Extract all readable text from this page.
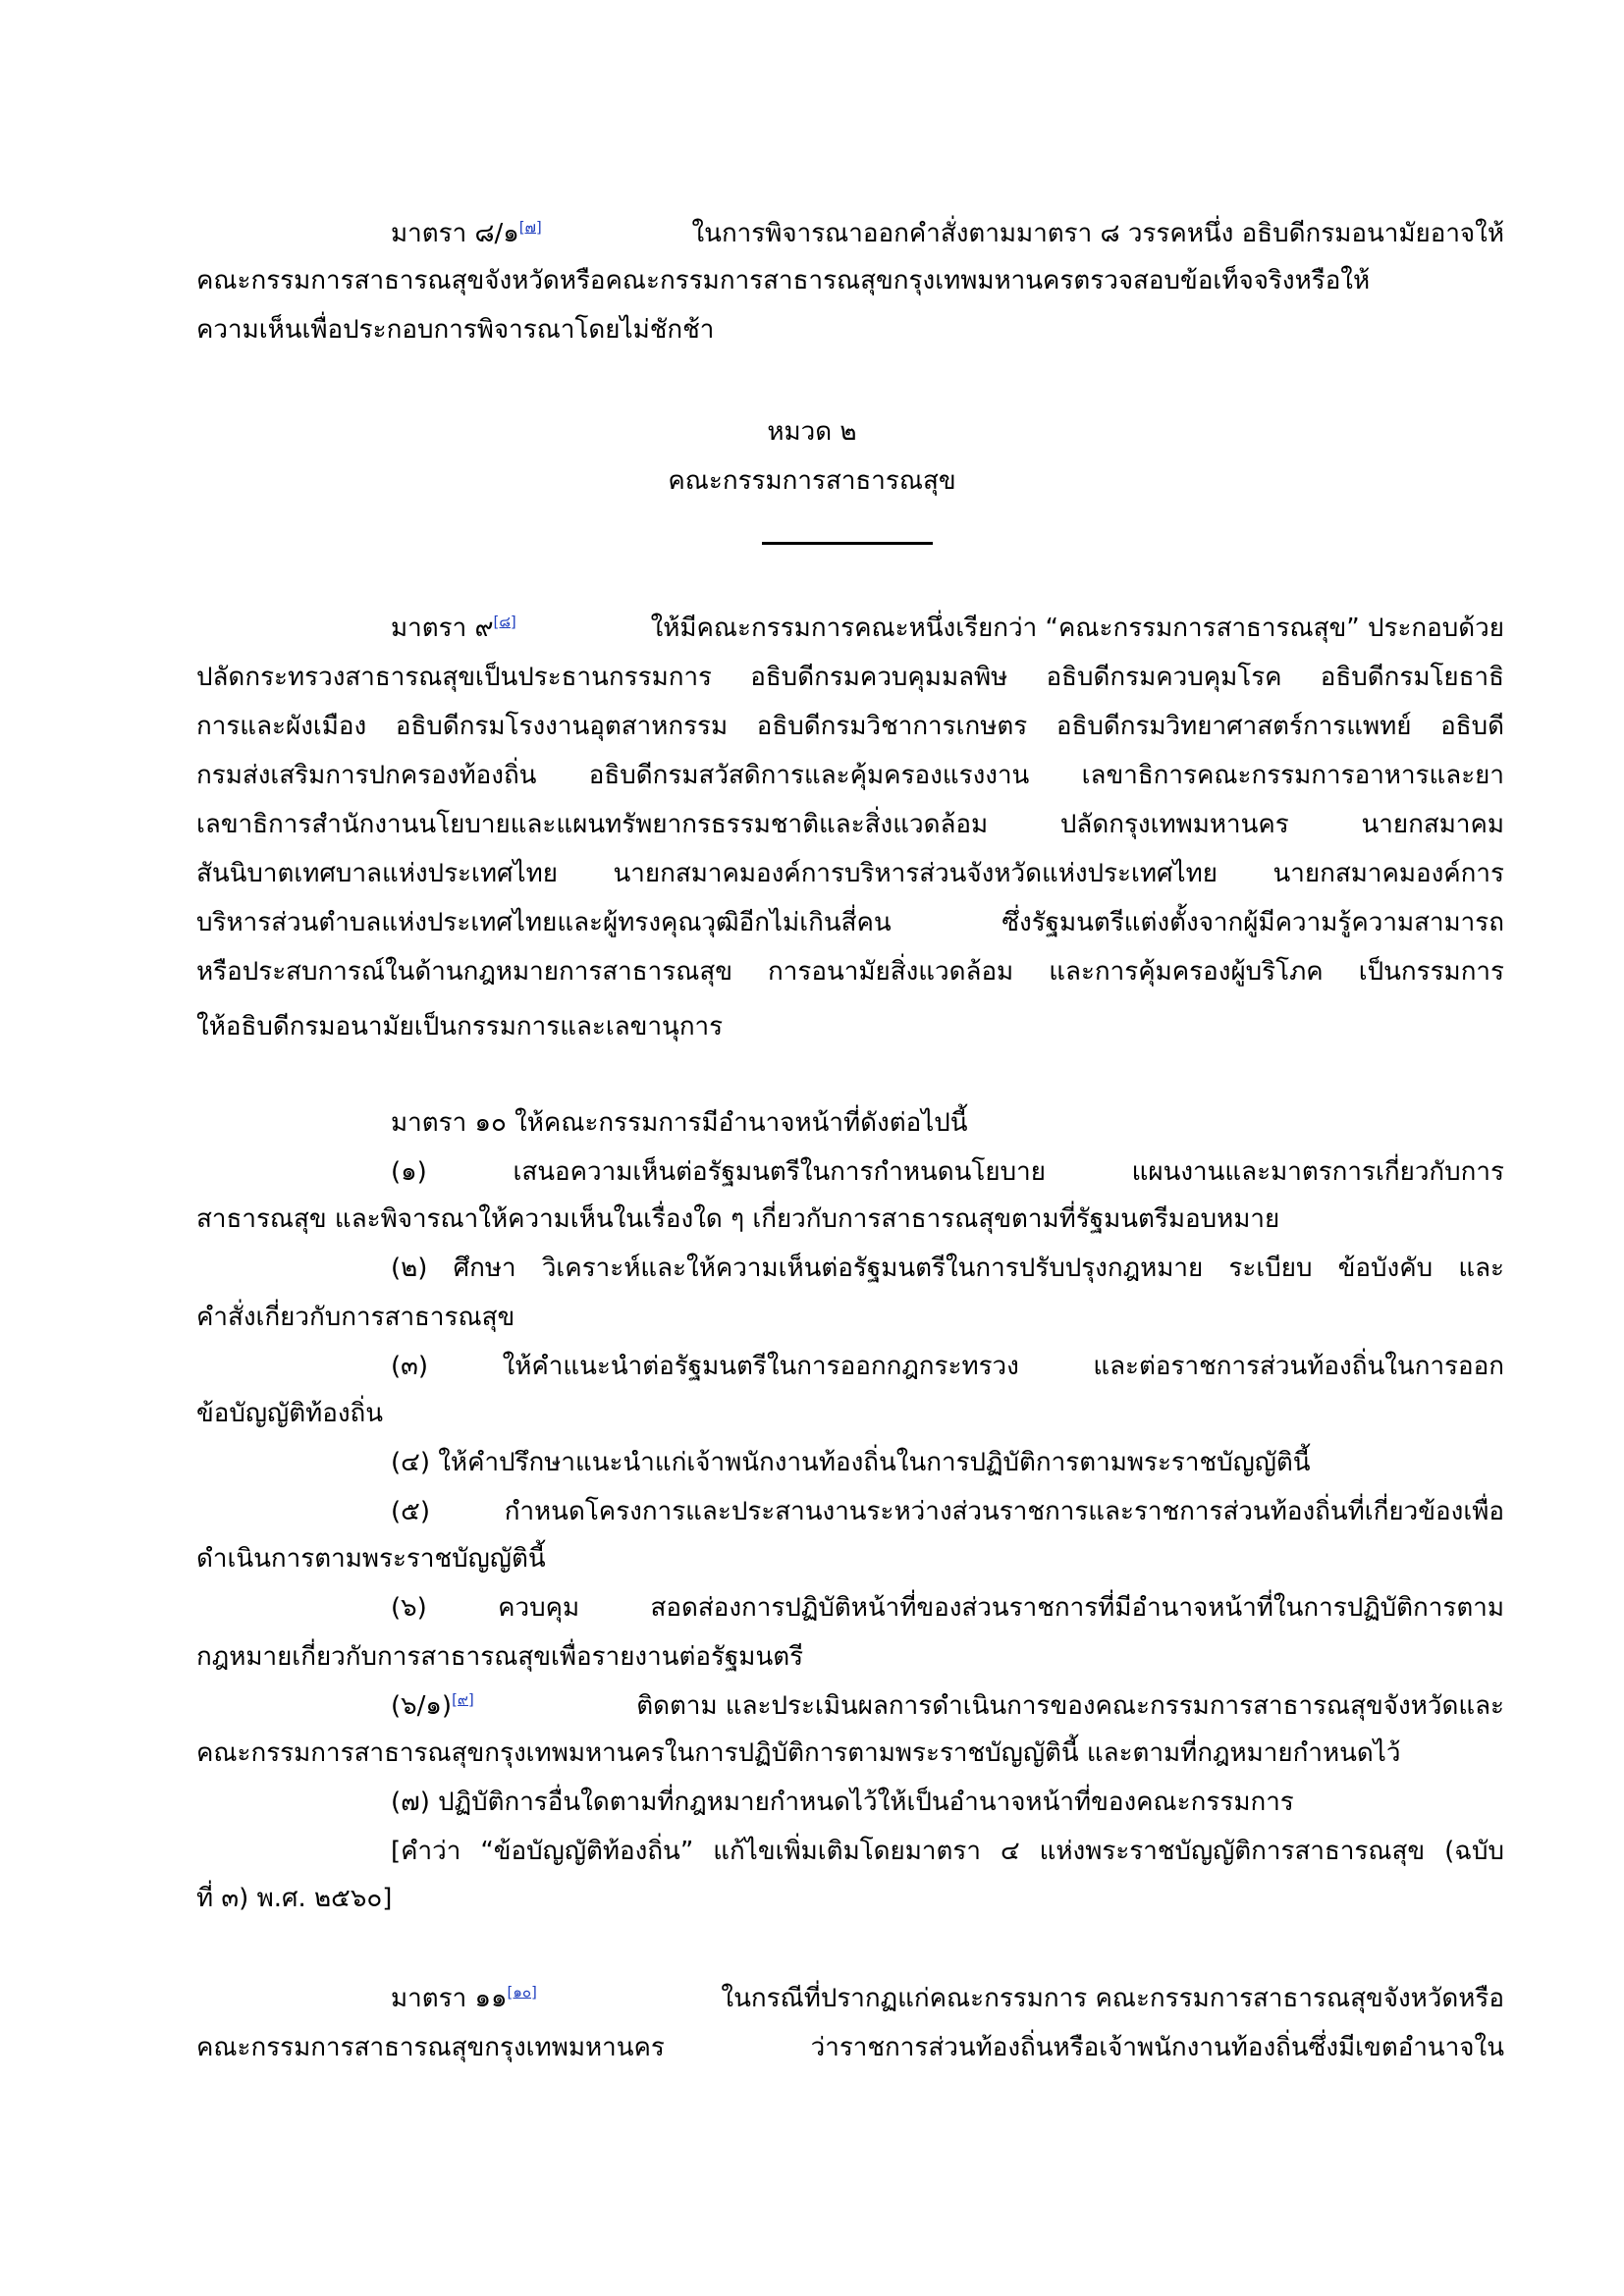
มาตรา ๘/๑[๗]	ในการพิจารณาออกคำสั่งตามมาตรา ๘ วรรคหนึ่ง อธิบดีกรมอนามัยอาจให้
คณะกรรมการสาธารณสุขจังหวัดหรือคณะกรรมการสาธารณสุขกรุงเทพมหานครตรวจสอบข้อเท็จจริงหรือให้
ความเห็นเพื่อประกอบการพิจารณาโดยไม่ชักช้า
หมวด ๒
คณะกรรมการสาธารณสุข
มาตรา ๙[๘]	ให้มีคณะกรรมการคณะหนึ่งเรียกว่า “คณะกรรมการสาธารณสุข” ประกอบด้วย
ปลัดกระทรวงสาธารณสุขเป็นประธานกรรมการ อธิบดีกรมควบคุมมลพิษ อธิบดีกรมควบคุมโรค อธิบดีกรมโยธาธิ
การและผังเมือง อธิบดีกรมโรงงานอุตสาหกรรม อธิบดีกรมวิชาการเกษตร อธิบดีกรมวิทยาศาสตร์การแพทย์ อธิบดี
กรมส่งเสริมการปกครองท้องถิ่น อธิบดีกรมสวัสดิการและคุ้มครองแรงงาน เลขาธิการคณะกรรมการอาหารและยา
เลขาธิการสำนักงานนโยบายและแผนทรัพยากรธรรมชาติและสิ่งแวดล้อม ปลัดกรุงเทพมหานคร นายกสมาคม
สันนิบาตเทศบาลแห่งประเทศไทย นายกสมาคมองค์การบริหารส่วนจังหวัดแห่งประเทศไทย นายกสมาคมองค์การ
บริหารส่วนตำบลแห่งประเทศไทยและผู้ทรงคุณวุฒิอีกไม่เกินสี่คน ซึ่งรัฐมนตรีแต่งตั้งจากผู้มีความรู้ความสามารถ
หรือประสบการณ์ในด้านกฎหมายการสาธารณสุข การอนามัยสิ่งแวดล้อม และการคุ้มครองผู้บริโภค เป็นกรรมการ
ให้อธิบดีกรมอนามัยเป็นกรรมการและเลขานุการ
มาตรา ๑๐ ให้คณะกรรมการมีอำนาจหน้าที่ดังต่อไปนี้
(๑) เสนอความเห็นต่อรัฐมนตรีในการกำหนดนโยบาย แผนงานและมาตรการเกี่ยวกับการ
สาธารณสุข และพิจารณาให้ความเห็นในเรื่องใด ๆ เกี่ยวกับการสาธารณสุขตามที่รัฐมนตรีมอบหมาย
(๒) ศึกษา วิเคราะห์และให้ความเห็นต่อรัฐมนตรีในการปรับปรุงกฎหมาย ระเบียบ ข้อบังคับ และ
คำสั่งเกี่ยวกับการสาธารณสุข
(๓) ให้คำแนะนำต่อรัฐมนตรีในการออกกฎกระทรวง และต่อราชการส่วนท้องถิ่นในการออก
ข้อบัญญัติท้องถิ่น
(๔) ให้คำปรึกษาแนะนำแก่เจ้าพนักงานท้องถิ่นในการปฏิบัติการตามพระราชบัญญัตินี้
(๕) กำหนดโครงการและประสานงานระหว่างส่วนราชการและราชการส่วนท้องถิ่นที่เกี่ยวข้องเพื่อ
ดำเนินการตามพระราชบัญญัตินี้
(๖) ควบคุม สอดส่องการปฏิบัติหน้าที่ของส่วนราชการที่มีอำนาจหน้าที่ในการปฏิบัติการตาม
กฎหมายเกี่ยวกับการสาธารณสุขเพื่อรายงานต่อรัฐมนตรี
(๖/๑)[๙]	ติดตาม และประเมินผลการดำเนินการของคณะกรรมการสาธารณสุขจังหวัดและ
คณะกรรมการสาธารณสุขกรุงเทพมหานครในการปฏิบัติการตามพระราชบัญญัตินี้ และตามที่กฎหมายกำหนดไว้
(๗) ปฏิบัติการอื่นใดตามที่กฎหมายกำหนดไว้ให้เป็นอำนาจหน้าที่ของคณะกรรมการ
[คำว่า “ข้อบัญญัติท้องถิ่น” แก้ไขเพิ่มเติมโดยมาตรา ๔ แห่งพระราชบัญญัติการสาธารณสุข (ฉบับ
ที่ ๓) พ.ศ. ๒๕๖๐]
มาตรา ๑๑[๑๐]	ในกรณีที่ปรากฏแก่คณะกรรมการ คณะกรรมการสาธารณสุขจังหวัดหรือ
คณะกรรมการสาธารณสุขกรุงเทพมหานคร ว่าราชการส่วนท้องถิ่นหรือเจ้าพนักงานท้องถิ่นซึ่งมีเขตอำนาจใน
